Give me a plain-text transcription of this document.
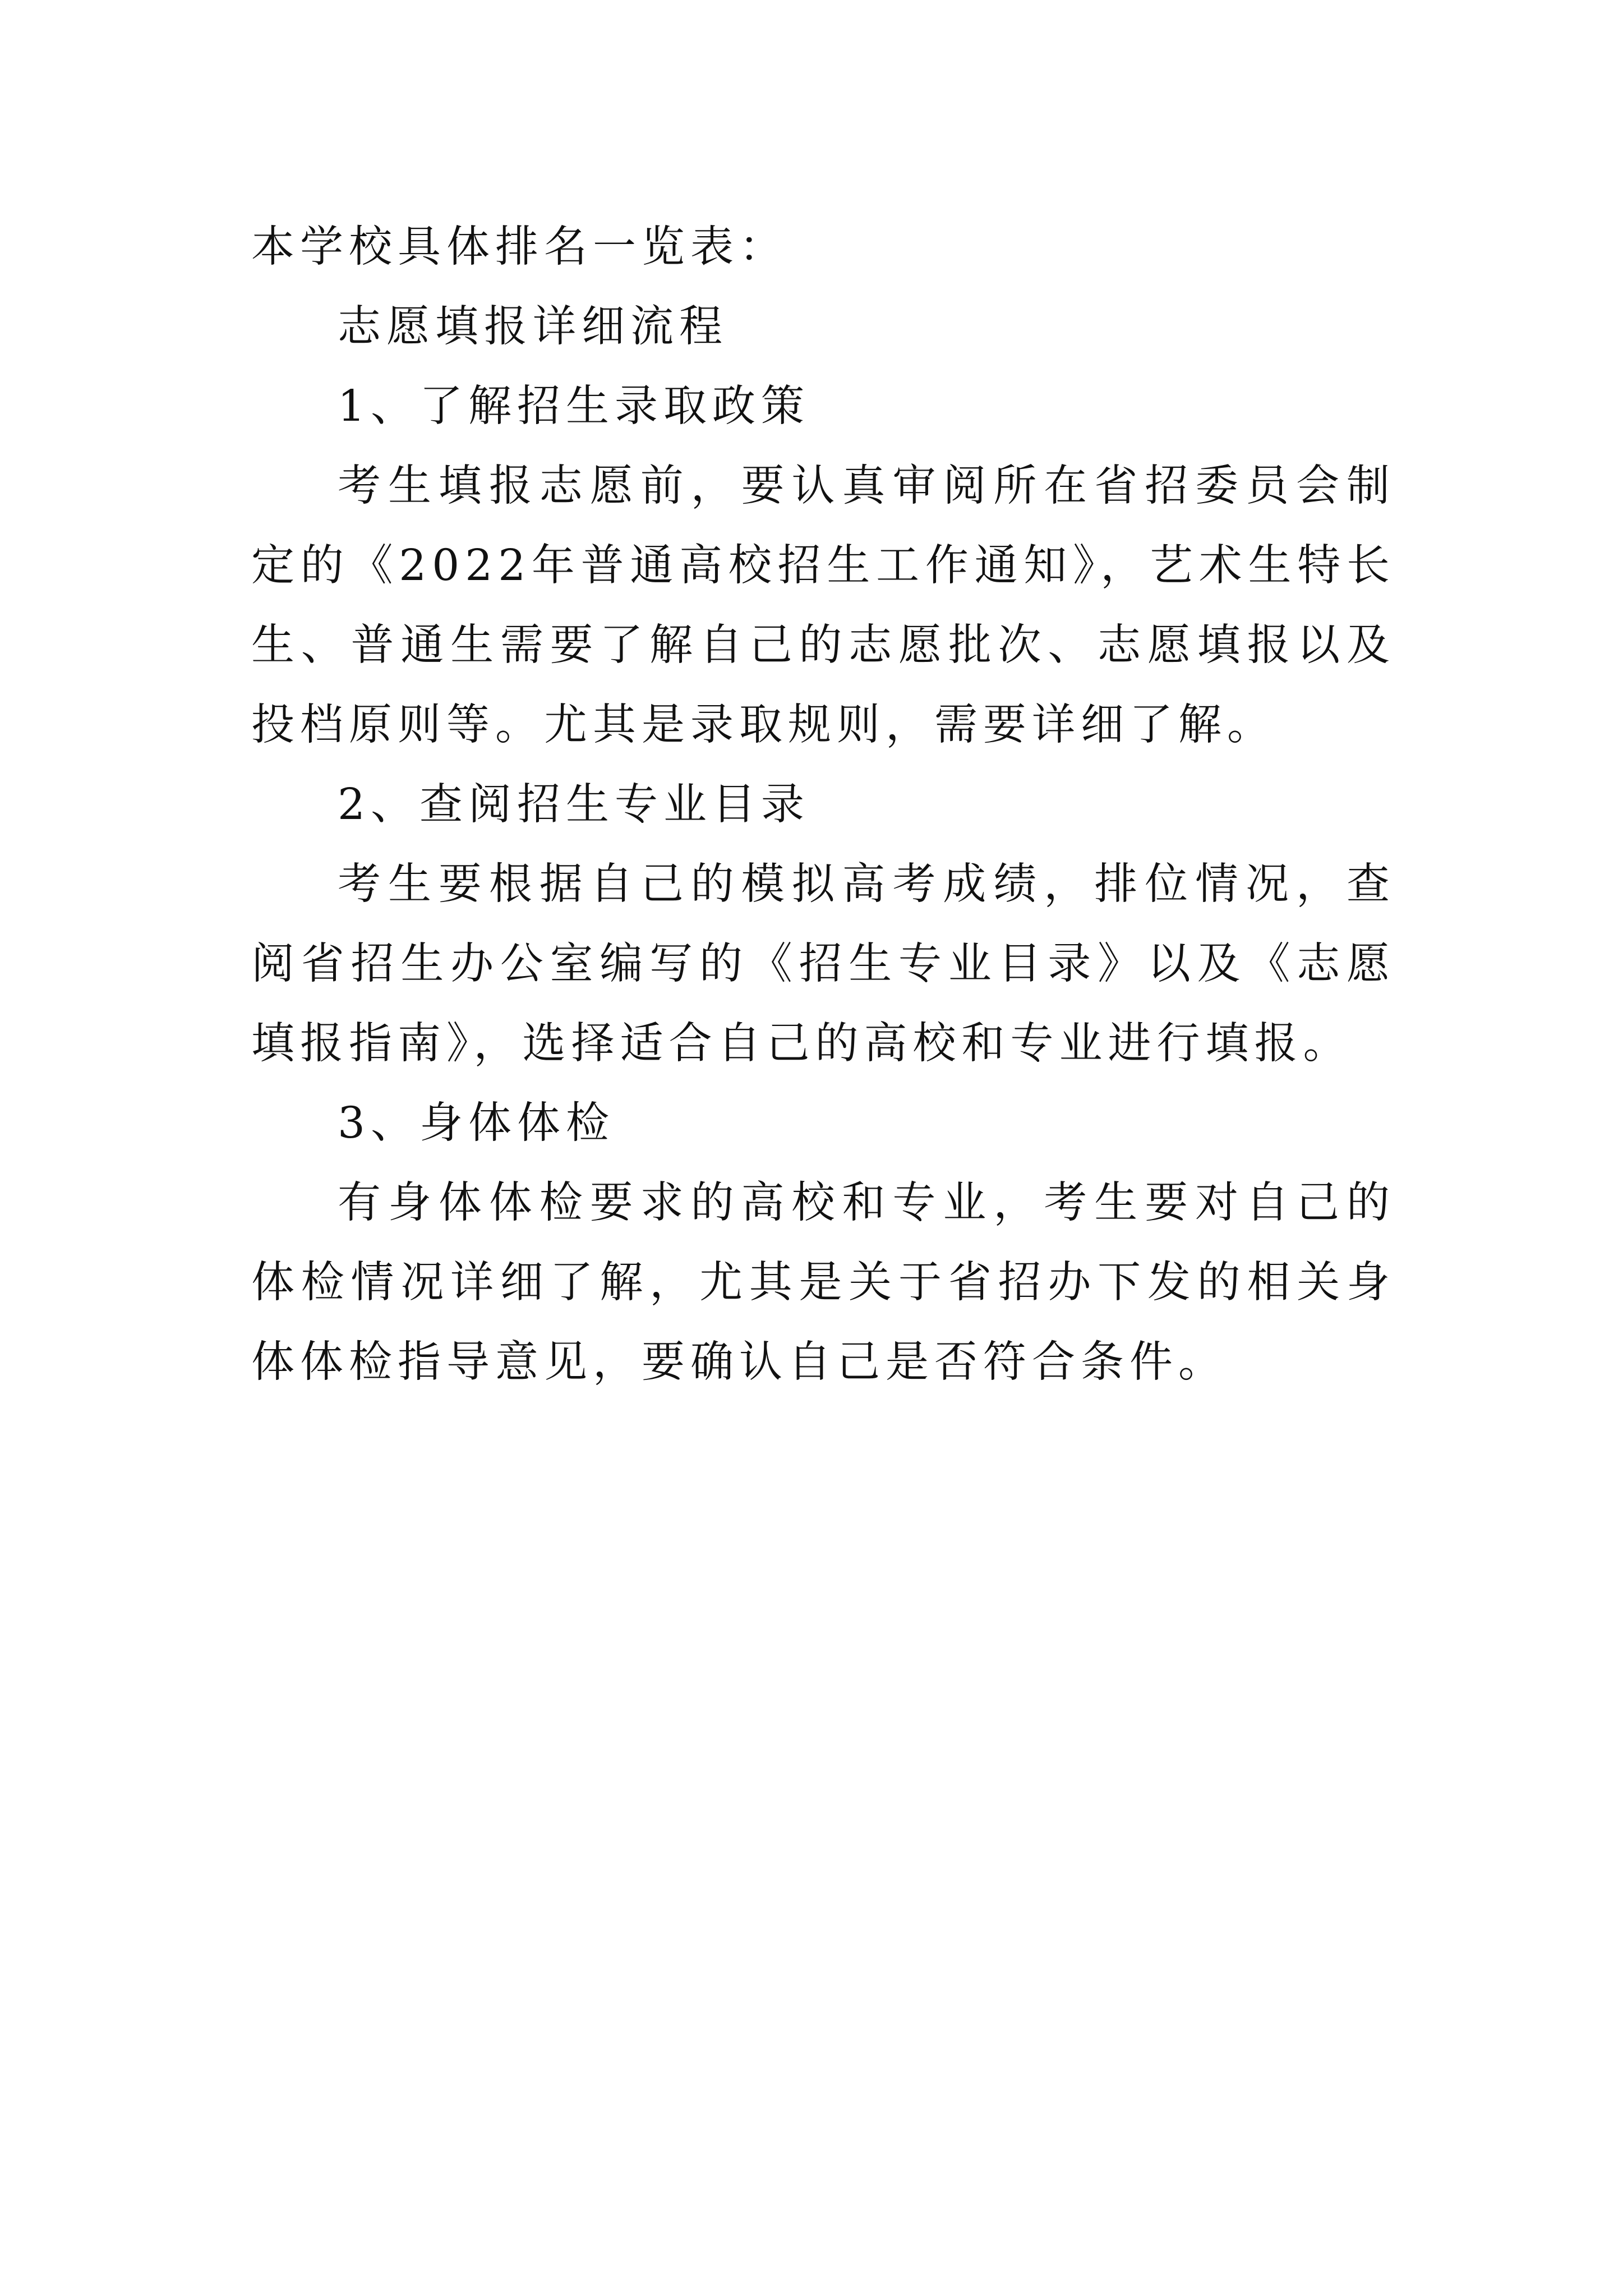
本学校具体排名一览表：

志愿填报详细流程

1、了解招生录取政策

考生填报志愿前，要认真审阅所在省招委员会制定的《2022年普通高校招生工作通知》，艺术生特长生、普通生需要了解自己的志愿批次、志愿填报以及投档原则等。尤其是录取规则，需要详细了解。

2、查阅招生专业目录

考生要根据自己的模拟高考成绩，排位情况，查阅省招生办公室编写的《招生专业目录》以及《志愿填报指南》，选择适合自己的高校和专业进行填报。

3、身体体检

有身体体检要求的高校和专业，考生要对自己的体检情况详细了解，尤其是关于省招办下发的相关身体体检指导意见，要确认自己是否符合条件。
